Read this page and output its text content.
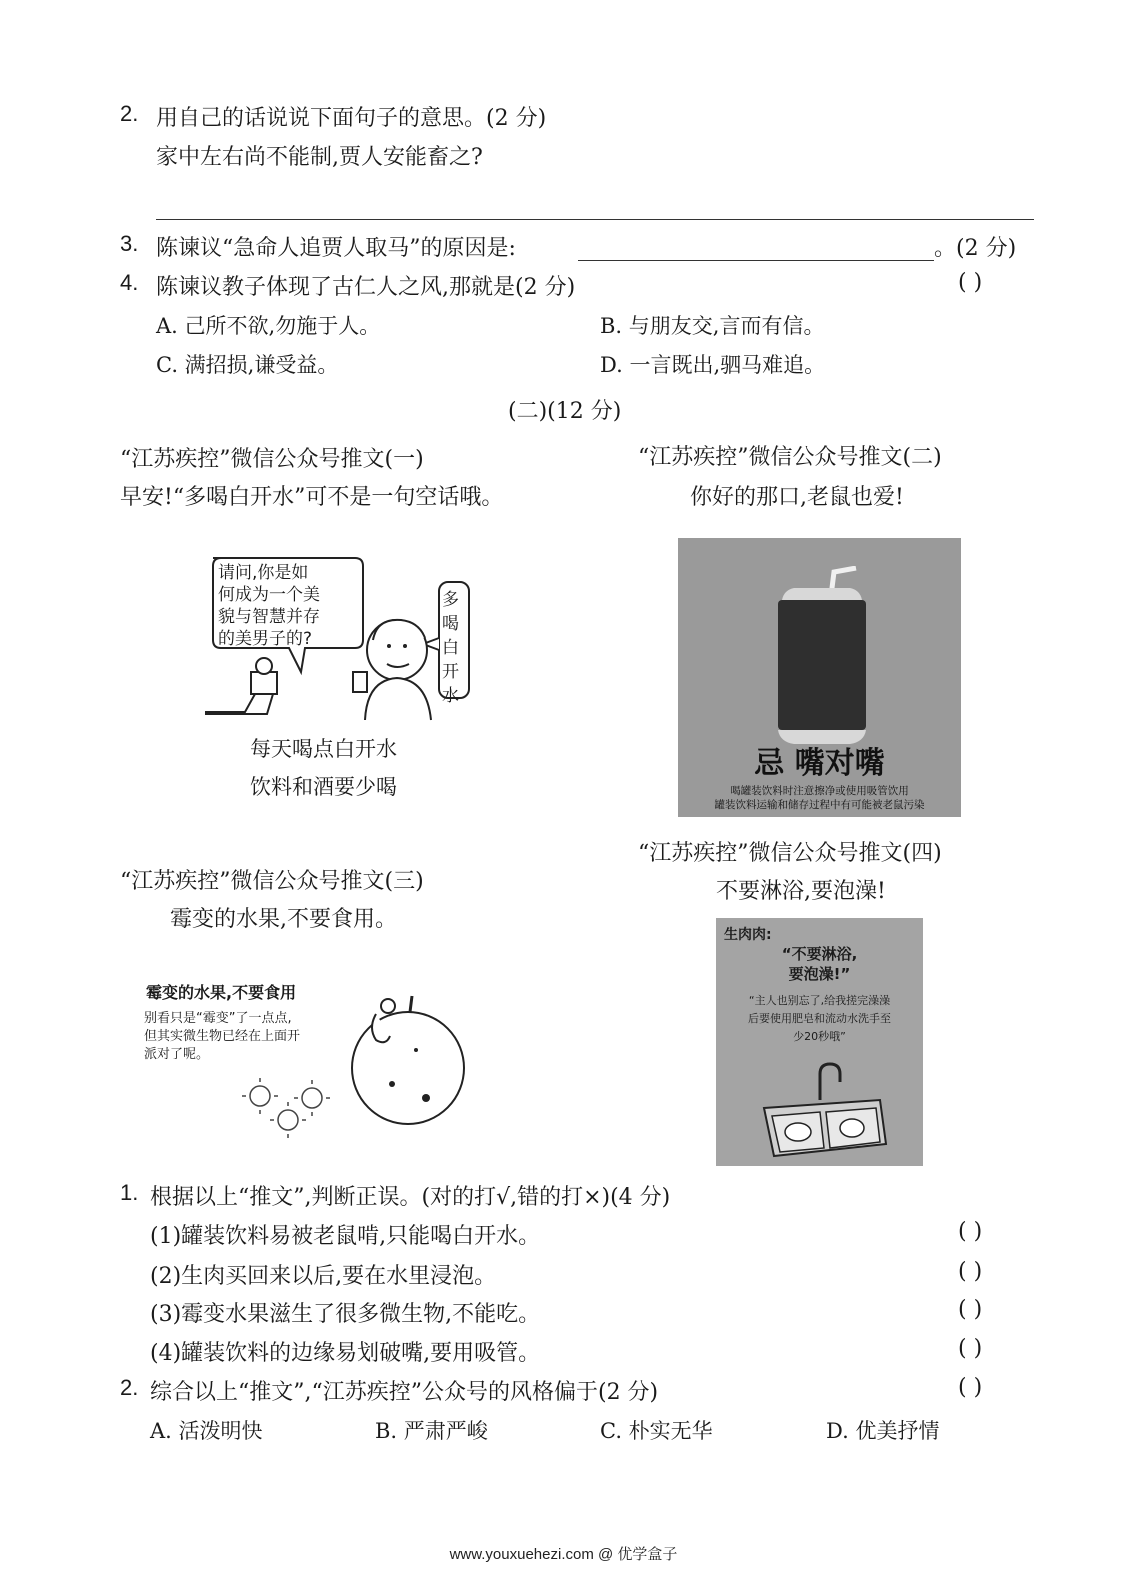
2. 用自己的话说说下面句子的意思。(2 分)
家中左右尚不能制,贾人安能畜之?
3. 陈谏议“急命人追贾人取马”的原因是:	。(2 分)
4. 陈谏议教子体现了古仁人之风,那就是(2 分)	( )
A. 己所不欲,勿施于人。	B. 与朋友交,言而有信。
C. 满招损,谦受益。	D. 一言既出,驷马难追。
(二)(12 分)
“江苏疾控”微信公众号推文(一)
早安!“多喝白开水”可不是一句空话哦。
请问,你是如
何成为一个美
貌与智慧并存
的美男子的?
多喝白开水
每天喝点白开水
饮料和酒要少喝
“江苏疾控”微信公众号推文(二)
你好的那口,老鼠也爱!
忌 嘴对嘴
喝罐装饮料时注意擦净或使用吸管饮用
罐装饮料运输和储存过程中有可能被老鼠污染
“江苏疾控”微信公众号推文(三)
霉变的水果,不要食用。
霉变的水果,不要食用
别看只是“霉变”了一点点,
但其实微生物已经在上面开
派对了呢。
“江苏疾控”微信公众号推文(四)
不要淋浴,要泡澡!
生肉肉:
“不要淋浴,
要泡澡!”
“主人也别忘了,给我搓完澡澡
后要使用肥皂和流动水洗手至
少20秒哦”
1. 根据以上“推文”,判断正误。(对的打√,错的打×)(4 分)
(1)罐装饮料易被老鼠啃,只能喝白开水。	( )
(2)生肉买回来以后,要在水里浸泡。	( )
(3)霉变水果滋生了很多微生物,不能吃。	( )
(4)罐装饮料的边缘易划破嘴,要用吸管。	( )
2. 综合以上“推文”,“江苏疾控”公众号的风格偏于(2 分)	( )
A. 活泼明快	B. 严肃严峻	C. 朴实无华	D. 优美抒情
www.youxuehezi.com @ 优学盒子
